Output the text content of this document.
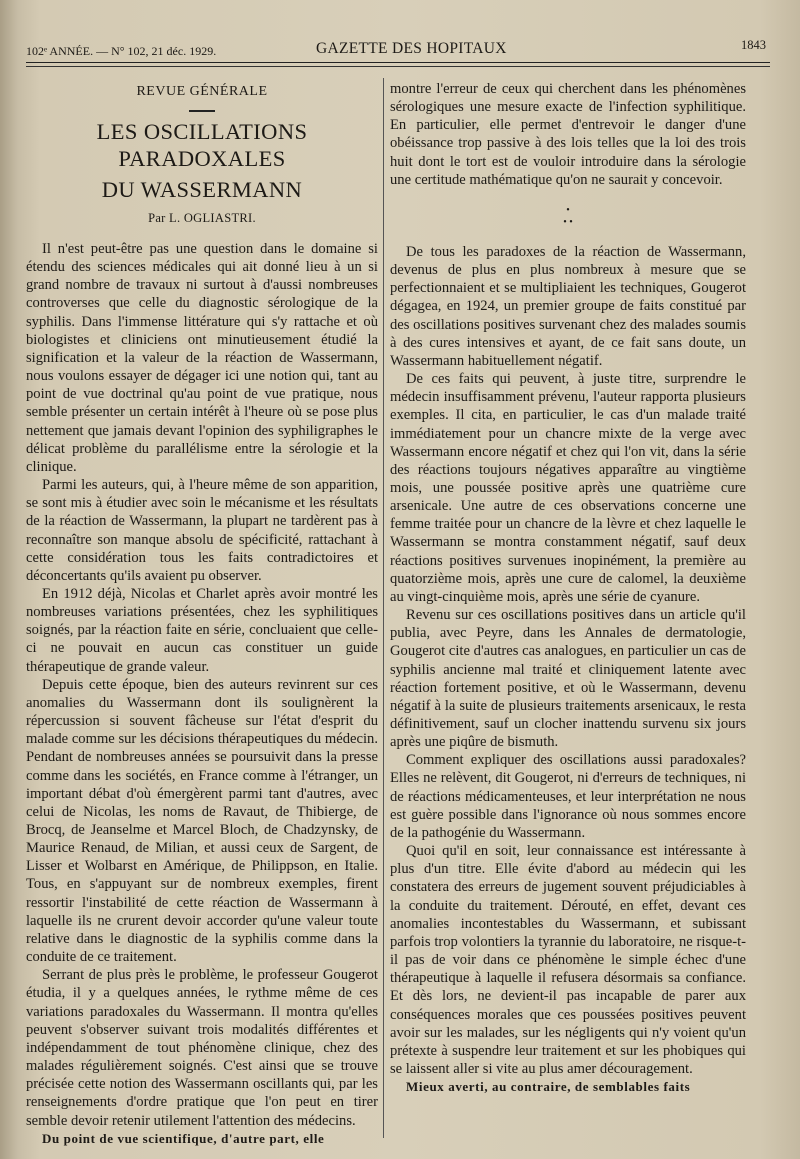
102ᵉ ANNÉE. — N° 102, 21 déc. 1929.	GAZETTE DES HOPITAUX	1843
REVUE GÉNÉRALE
LES OSCILLATIONS PARADOXALES
DU WASSERMANN
Par L. OGLIASTRI.

Il n'est peut-être pas une question dans le domaine si étendu des sciences médicales qui ait donné lieu à un si grand nombre de travaux ni surtout à d'aussi nombreuses controverses que celle du diagnostic sérologique de la syphilis. Dans l'immense littérature qui s'y rattache et où biologistes et cliniciens ont minutieusement étudié la signification et la valeur de la réaction de Wassermann, nous voulons essayer de dégager ici une notion qui, tant au point de vue doctrinal qu'au point de vue pratique, nous semble présenter un certain intérêt à l'heure où se pose plus nettement que jamais devant l'opinion des syphiligraphes le délicat problème du parallélisme entre la sérologie et la clinique.

Parmi les auteurs, qui, à l'heure même de son apparition, se sont mis à étudier avec soin le mécanisme et les résultats de la réaction de Wassermann, la plupart ne tardèrent pas à reconnaître son manque absolu de spécificité, rattachant à cette considération tous les faits contradictoires et déconcertants qu'ils avaient pu observer.

En 1912 déjà, Nicolas et Charlet après avoir montré les nombreuses variations présentées, chez les syphilitiques soignés, par la réaction faite en série, concluaient que celle-ci ne pouvait en aucun cas constituer un guide thérapeutique de grande valeur.

Depuis cette époque, bien des auteurs revinrent sur ces anomalies du Wassermann dont ils soulignèrent la répercussion si souvent fâcheuse sur l'état d'esprit du malade comme sur les décisions thérapeutiques du médecin. Pendant de nombreuses années se poursuivit dans la presse comme dans les sociétés, en France comme à l'étranger, un important débat d'où émergèrent parmi tant d'autres, avec celui de Nicolas, les noms de Ravaut, de Thibierge, de Brocq, de Jeanselme et Marcel Bloch, de Chadzynsky, de Maurice Renaud, de Milian, et aussi ceux de Sargent, de Lisser et Wolbarst en Amérique, de Philippson, en Italie. Tous, en s'appuyant sur de nombreux exemples, firent ressortir l'instabilité de cette réaction de Wassermann à laquelle ils ne crurent devoir accorder qu'une valeur toute relative dans le diagnostic de la syphilis comme dans la conduite de ce traitement.

Serrant de plus près le problème, le professeur Gougerot étudia, il y a quelques années, le rythme même de ces variations paradoxales du Wassermann. Il montra qu'elles peuvent s'observer suivant trois modalités différentes et indépendamment de tout phénomène clinique, chez des malades régulièrement soignés. C'est ainsi que se trouve précisée cette notion des Wassermann oscillants qui, par les renseignements d'ordre pratique que l'on peut en tirer semble devoir retenir utilement l'attention des médecins.

Du point de vue scientifique, d'autre part, elle

montre l'erreur de ceux qui cherchent dans les phénomènes sérologiques une mesure exacte de l'infection syphilitique. En particulier, elle permet d'entrevoir le danger d'une obéissance trop passive à des lois telles que la loi des trois huit dont le tort est de vouloir introduire dans la sérologie une certitude mathématique qu'on ne saurait y concevoir.

•
• •

De tous les paradoxes de la réaction de Wassermann, devenus de plus en plus nombreux à mesure que se perfectionnaient et se multipliaient les techniques, Gougerot dégagea, en 1924, un premier groupe de faits constitué par des oscillations positives survenant chez des malades soumis à des cures intensives et ayant, de ce fait sans doute, un Wassermann habituellement négatif.

De ces faits qui peuvent, à juste titre, surprendre le médecin insuffisamment prévenu, l'auteur rapporta plusieurs exemples. Il cita, en particulier, le cas d'un malade traité immédiatement pour un chancre mixte de la verge avec Wassermann encore négatif et chez qui l'on vit, dans la série des réactions toujours négatives apparaître au vingtième mois, une poussée positive après une quatrième cure arsenicale. Une autre de ces observations concerne une femme traitée pour un chancre de la lèvre et chez laquelle le Wassermann se montra constamment négatif, sauf deux réactions positives survenues inopinément, la première au quatorzième mois, après une cure de calomel, la deuxième au vingt-cinquième mois, après une série de cyanure.

Revenu sur ces oscillations positives dans un article qu'il publia, avec Peyre, dans les Annales de dermatologie, Gougerot cite d'autres cas analogues, en particulier un cas de syphilis ancienne mal traité et cliniquement latente avec réaction fortement positive, et où le Wassermann, devenu négatif à la suite de plusieurs traitements arsenicaux, le resta définitivement, sauf un clocher inattendu survenu six jours après une piqûre de bismuth.

Comment expliquer des oscillations aussi paradoxales? Elles ne relèvent, dit Gougerot, ni d'erreurs de techniques, ni de réactions médicamenteuses, et leur interprétation ne nous est guère possible dans l'ignorance où nous sommes encore de la pathogénie du Wassermann.

Quoi qu'il en soit, leur connaissance est intéressante à plus d'un titre. Elle évite d'abord au médecin qui les constatera des erreurs de jugement souvent préjudiciables à la conduite du traitement. Dérouté, en effet, devant ces anomalies incontestables du Wassermann, et subissant parfois trop volontiers la tyrannie du laboratoire, ne risque-t-il pas de voir dans ce phénomène le simple échec d'une thérapeutique à laquelle il refusera désormais sa confiance. Et dès lors, ne devient-il pas incapable de parer aux conséquences morales que ces poussées positives peuvent avoir sur les malades, sur les négligents qui n'y voient qu'un prétexte à suspendre leur traitement et sur les phobiques qui se laissent aller si vite au plus amer découragement.

Mieux averti, au contraire, de semblables faits
